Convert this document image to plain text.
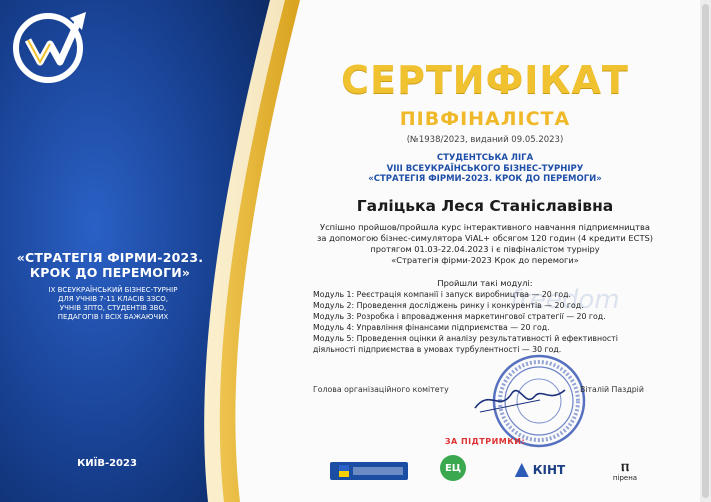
«СТРАТЕГІЯ ФІРМИ-2023.
КРОК ДО ПЕРЕМОГИ»
IX ВСЕУКРАЇНСЬКИЙ БІЗНЕС-ТУРНІР
ДЛЯ УЧНІВ 7-11 КЛАСІВ ЗЗСО,
УЧНІВ ЗПТО, СТУДЕНТІВ ЗВО,
ПЕДАГОГІВ І ВСІХ БАЖАЮЧИХ
КИЇВ-2023
freedom
СЕРТИФІКАТ
ПІВФІНАЛІСТА
(№1938/2023, виданий 09.05.2023)
СТУДЕНТСЬКА ЛІГА
VIII ВСЕУКРАЇНСЬКОГО БІЗНЕС-ТУРНІРУ
«СТРАТЕГІЯ ФІРМИ-2023. КРОК ДО ПЕРЕМОГИ»
Галіцька Леся Станіславівна
Успішно пройшов/пройшла курс інтерактивного навчання підприємництва
за допомогою бізнес-симулятора ViAL+ обсягом 120 годин (4 кредити ECTS)
протягом 01.03-22.04.2023 і є півфіналістом турніру
«Стратегія фірми-2023 Крок до перемоги»
Пройшли такі модулі:
Модуль 1: Реєстрація компанії і запуск виробництва — 20 год.
Модуль 2: Проведення досліджень ринку і конкурентів — 20 год.
Модуль 3: Розробка і впровадження маркетингової стратегії — 20 год.
Модуль 4: Управління фінансами підприємства — 20 год.
Модуль 5: Проведення оцінки й аналізу результативності й ефективності
діяльності підприємства в умовах турбулентності — 30 год.
Голова організаційного комітету	Віталій Паздрій
ЗА ПІДТРИМКИ:
ЕЦ	КІНТ	ⲡ
пірена
